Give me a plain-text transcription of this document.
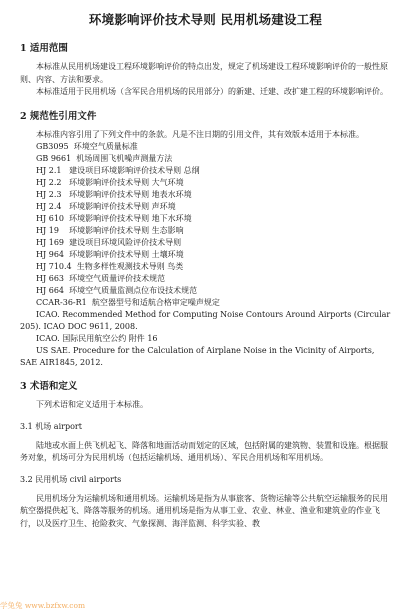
环境影响评价技术导则 民用机场建设工程
1 适用范围

本标准从民用机场建设工程环境影响评价的特点出发，规定了机场建设工程环境影响评价的一般性原则、内容、方法和要求。

本标准适用于民用机场（含军民合用机场的民用部分）的新建、迁建、改扩建工程的环境影响评价。

2 规范性引用文件

本标准内容引用了下列文件中的条款。凡是不注日期的引用文件，其有效版本适用于本标准。

GB3095 环境空气质量标准
GB 9661 机场周围飞机噪声测量方法
HJ 2.1 建设项目环境影响评价技术导则 总纲
HJ 2.2 环境影响评价技术导则 大气环境
HJ 2.3 环境影响评价技术导则 地表水环境
HJ 2.4 环境影响评价技术导则 声环境
HJ 610 环境影响评价技术导则 地下水环境
HJ 19 环境影响评价技术导则 生态影响
HJ 169 建设项目环境风险评价技术导则
HJ 964 环境影响评价技术导则 土壤环境
HJ 710.4 生物多样性观测技术导则 鸟类
HJ 663 环境空气质量评价技术规范
HJ 664 环境空气质量监测点位布设技术规范
CCAR-36-R1 航空器型号和适航合格审定噪声规定

ICAO. Recommended Method for Computing Noise Contours Around Airports (Circular 205). ICAO DOC 9611, 2008.

ICAO. 国际民用航空公约 附件 16

US SAE. Procedure for the Calculation of Airplane Noise in the Vicinity of Airports, SAE AIR1845, 2012.

3 术语和定义

下列术语和定义适用于本标准。

3.1 机场 airport

陆地或水面上供飞机起飞、降落和地面活动而划定的区域，包括附属的建筑物、装置和设施。根据服务对象，机场可分为民用机场（包括运输机场、通用机场）、军民合用机场和军用机场。

3.2 民用机场 civil airports

民用机场分为运输机场和通用机场。运输机场是指为从事旅客、货物运输等公共航空运输服务的民用航空器提供起飞、降落等服务的机场。通用机场是指为从事工业、农业、林业、渔业和建筑业的作业飞行，以及医疗卫生、抢险救灾、气象探测、海洋监测、科学实验、教

学兔兔 www.bzfxw.com
